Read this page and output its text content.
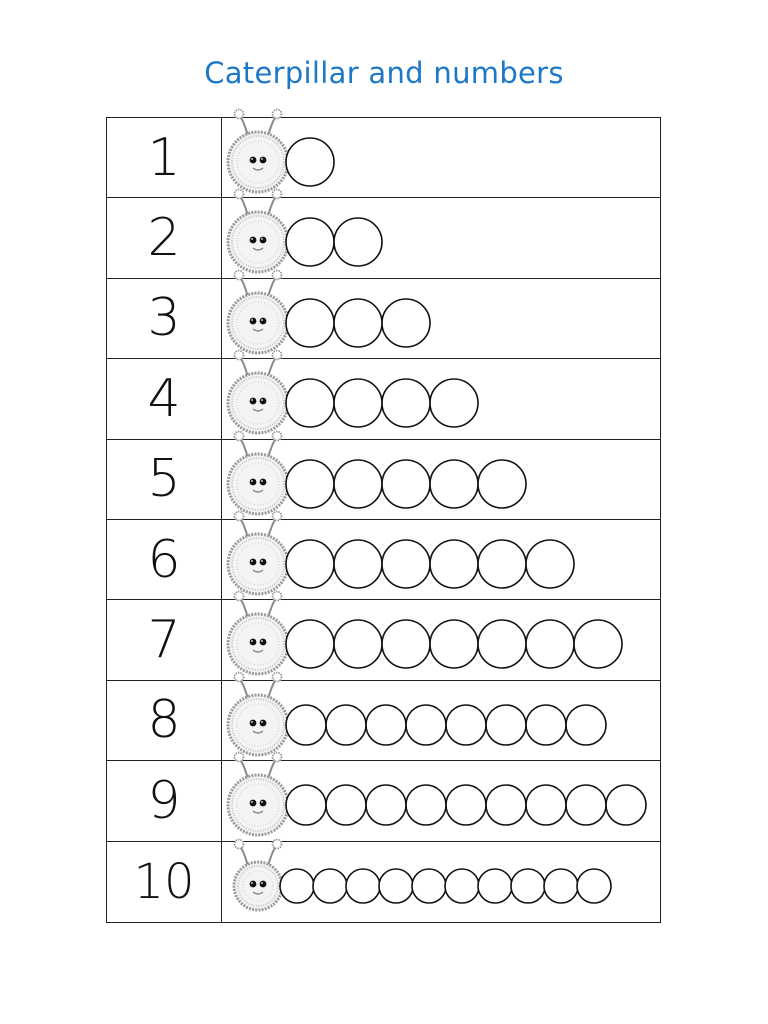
Caterpillar and numbers
1
2
3
4
5
6
7
8
9
10
